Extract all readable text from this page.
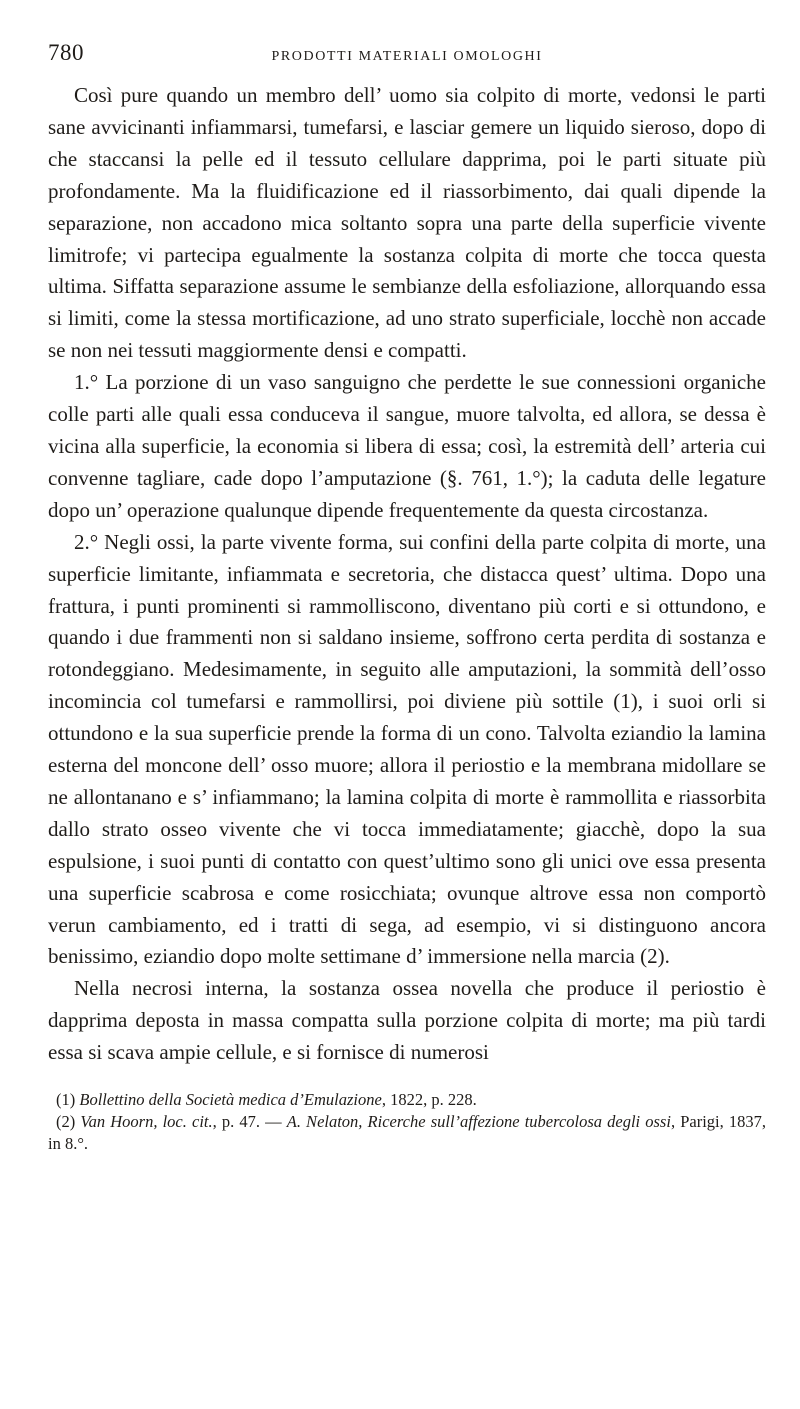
780	PRODOTTI MATERIALI OMOLOGHI

Così pure quando un membro dell’ uomo sia colpito di morte, vedonsi le parti sane avvicinanti infiammarsi, tumefarsi, e lasciar gemere un liquido sieroso, dopo di che staccansi la pelle ed il tessuto cellulare dapprima, poi le parti situate più profondamente. Ma la fluidificazione ed il riassorbimento, dai quali dipende la separazione, non accadono mica soltanto sopra una parte della superficie vivente limitrofe; vi partecipa egualmente la sostanza colpita di morte che tocca questa ultima. Siffatta separazione assume le sembianze della esfoliazione, allorquando essa si limiti, come la stessa mortificazione, ad uno strato superficiale, locchè non accade se non nei tessuti maggiormente densi e compatti.

1.° La porzione di un vaso sanguigno che perdette le sue connessioni organiche colle parti alle quali essa conduceva il sangue, muore talvolta, ed allora, se dessa è vicina alla superficie, la economia si libera di essa; così, la estremità dell’ arteria cui convenne tagliare, cade dopo l’amputazione (§. 761, 1.°); la caduta delle legature dopo un’ operazione qualunque dipende frequentemente da questa circostanza.

2.° Negli ossi, la parte vivente forma, sui confini della parte colpita di morte, una superficie limitante, infiammata e secretoria, che distacca quest’ ultima. Dopo una frattura, i punti prominenti si rammolliscono, diventano più corti e si ottundono, e quando i due frammenti non si saldano insieme, soffrono certa perdita di sostanza e rotondeggiano. Medesimamente, in seguito alle amputazioni, la sommità dell’osso incomincia col tumefarsi e rammollirsi, poi diviene più sottile (1), i suoi orli si ottundono e la sua superficie prende la forma di un cono. Talvolta eziandio la lamina esterna del moncone dell’ osso muore; allora il periostio e la membrana midollare se ne allontanano e s’ infiammano; la lamina colpita di morte è rammollita e riassorbita dallo strato osseo vivente che vi tocca immediatamente; giacchè, dopo la sua espulsione, i suoi punti di contatto con quest’ultimo sono gli unici ove essa presenta una superficie scabrosa e come rosicchiata; ovunque altrove essa non comportò verun cambiamento, ed i tratti di sega, ad esempio, vi si distinguono ancora benissimo, eziandio dopo molte settimane d’ immersione nella marcia (2).

Nella necrosi interna, la sostanza ossea novella che produce il periostio è dapprima deposta in massa compatta sulla porzione colpita di morte; ma più tardi essa si scava ampie cellule, e si fornisce di numerosi

(1) Bollettino della Società medica d’Emulazione, 1822, p. 228.

(2) Van Hoorn, loc. cit., p. 47. — A. Nelaton, Ricerche sull’affezione tubercolosa degli ossi, Parigi, 1837, in 8.°.
